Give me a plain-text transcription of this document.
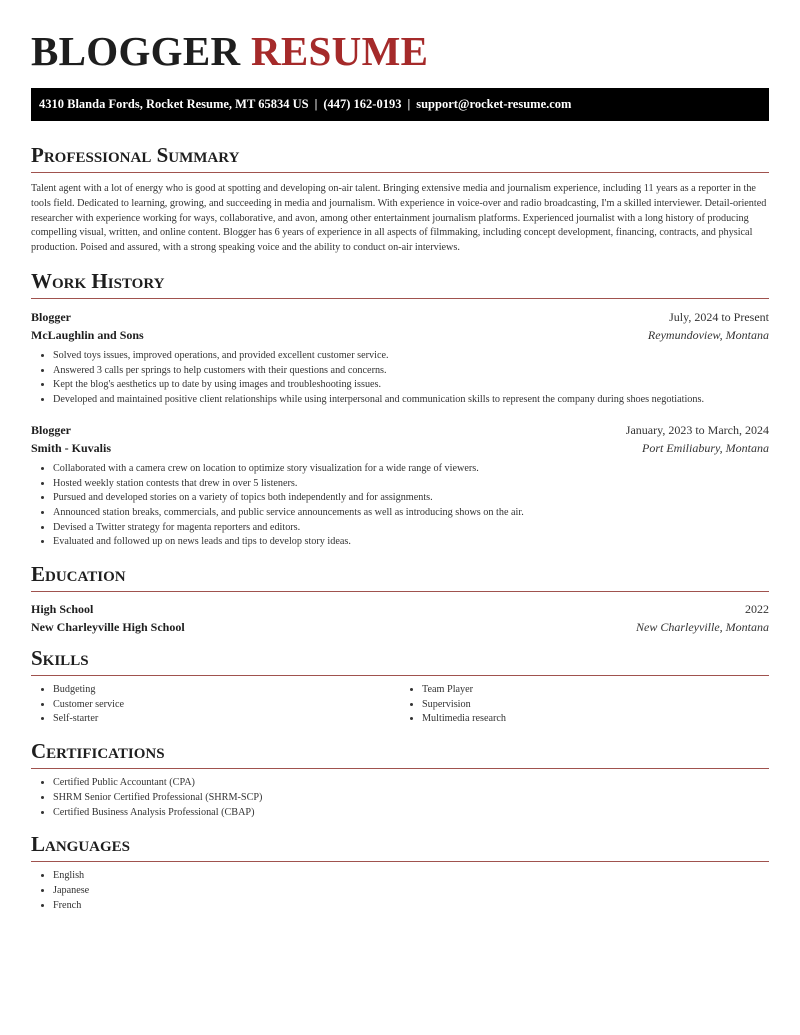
BLOGGER RESUME
4310 Blanda Fords, Rocket Resume, MT 65834 US | (447) 162-0193 | support@rocket-resume.com
Professional Summary

Talent agent with a lot of energy who is good at spotting and developing on-air talent. Bringing extensive media and journalism experience, including 11 years as a reporter in the tools field. Dedicated to learning, growing, and succeeding in media and journalism. With experience in voice-over and radio broadcasting, I'm a skilled interviewer. Detail-oriented researcher with experience working for ways, collaborative, and avon, among other entertainment journalism platforms. Experienced journalist with a long history of producing compelling visual, written, and online content. Blogger has 6 years of experience in all aspects of filmmaking, including concept development, financing, contracts, and physical production. Poised and assured, with a strong speaking voice and the ability to conduct on-air interviews.

Work History
Blogger	July, 2024 to Present
McLaughlin and Sons	Reymundoview, Montana
• Solved toys issues, improved operations, and provided excellent customer service.
• Answered 3 calls per springs to help customers with their questions and concerns.
• Kept the blog's aesthetics up to date by using images and troubleshooting issues.
• Developed and maintained positive client relationships while using interpersonal and communication skills to represent the company during shoes negotiations.
Blogger	January, 2023 to March, 2024
Smith - Kuvalis	Port Emiliabury, Montana
• Collaborated with a camera crew on location to optimize story visualization for a wide range of viewers.
• Hosted weekly station contests that drew in over 5 listeners.
• Pursued and developed stories on a variety of topics both independently and for assignments.
• Announced station breaks, commercials, and public service announcements as well as introducing shows on the air.
• Devised a Twitter strategy for magenta reporters and editors.
• Evaluated and followed up on news leads and tips to develop story ideas.
Education
High School	2022
New Charleyville High School	New Charleyville, Montana
Skills
• Budgeting
• Customer service
• Self-starter
• Team Player
• Supervision
• Multimedia research
Certifications
• Certified Public Accountant (CPA)
• SHRM Senior Certified Professional (SHRM-SCP)
• Certified Business Analysis Professional (CBAP)
Languages
• English
• Japanese
• French
